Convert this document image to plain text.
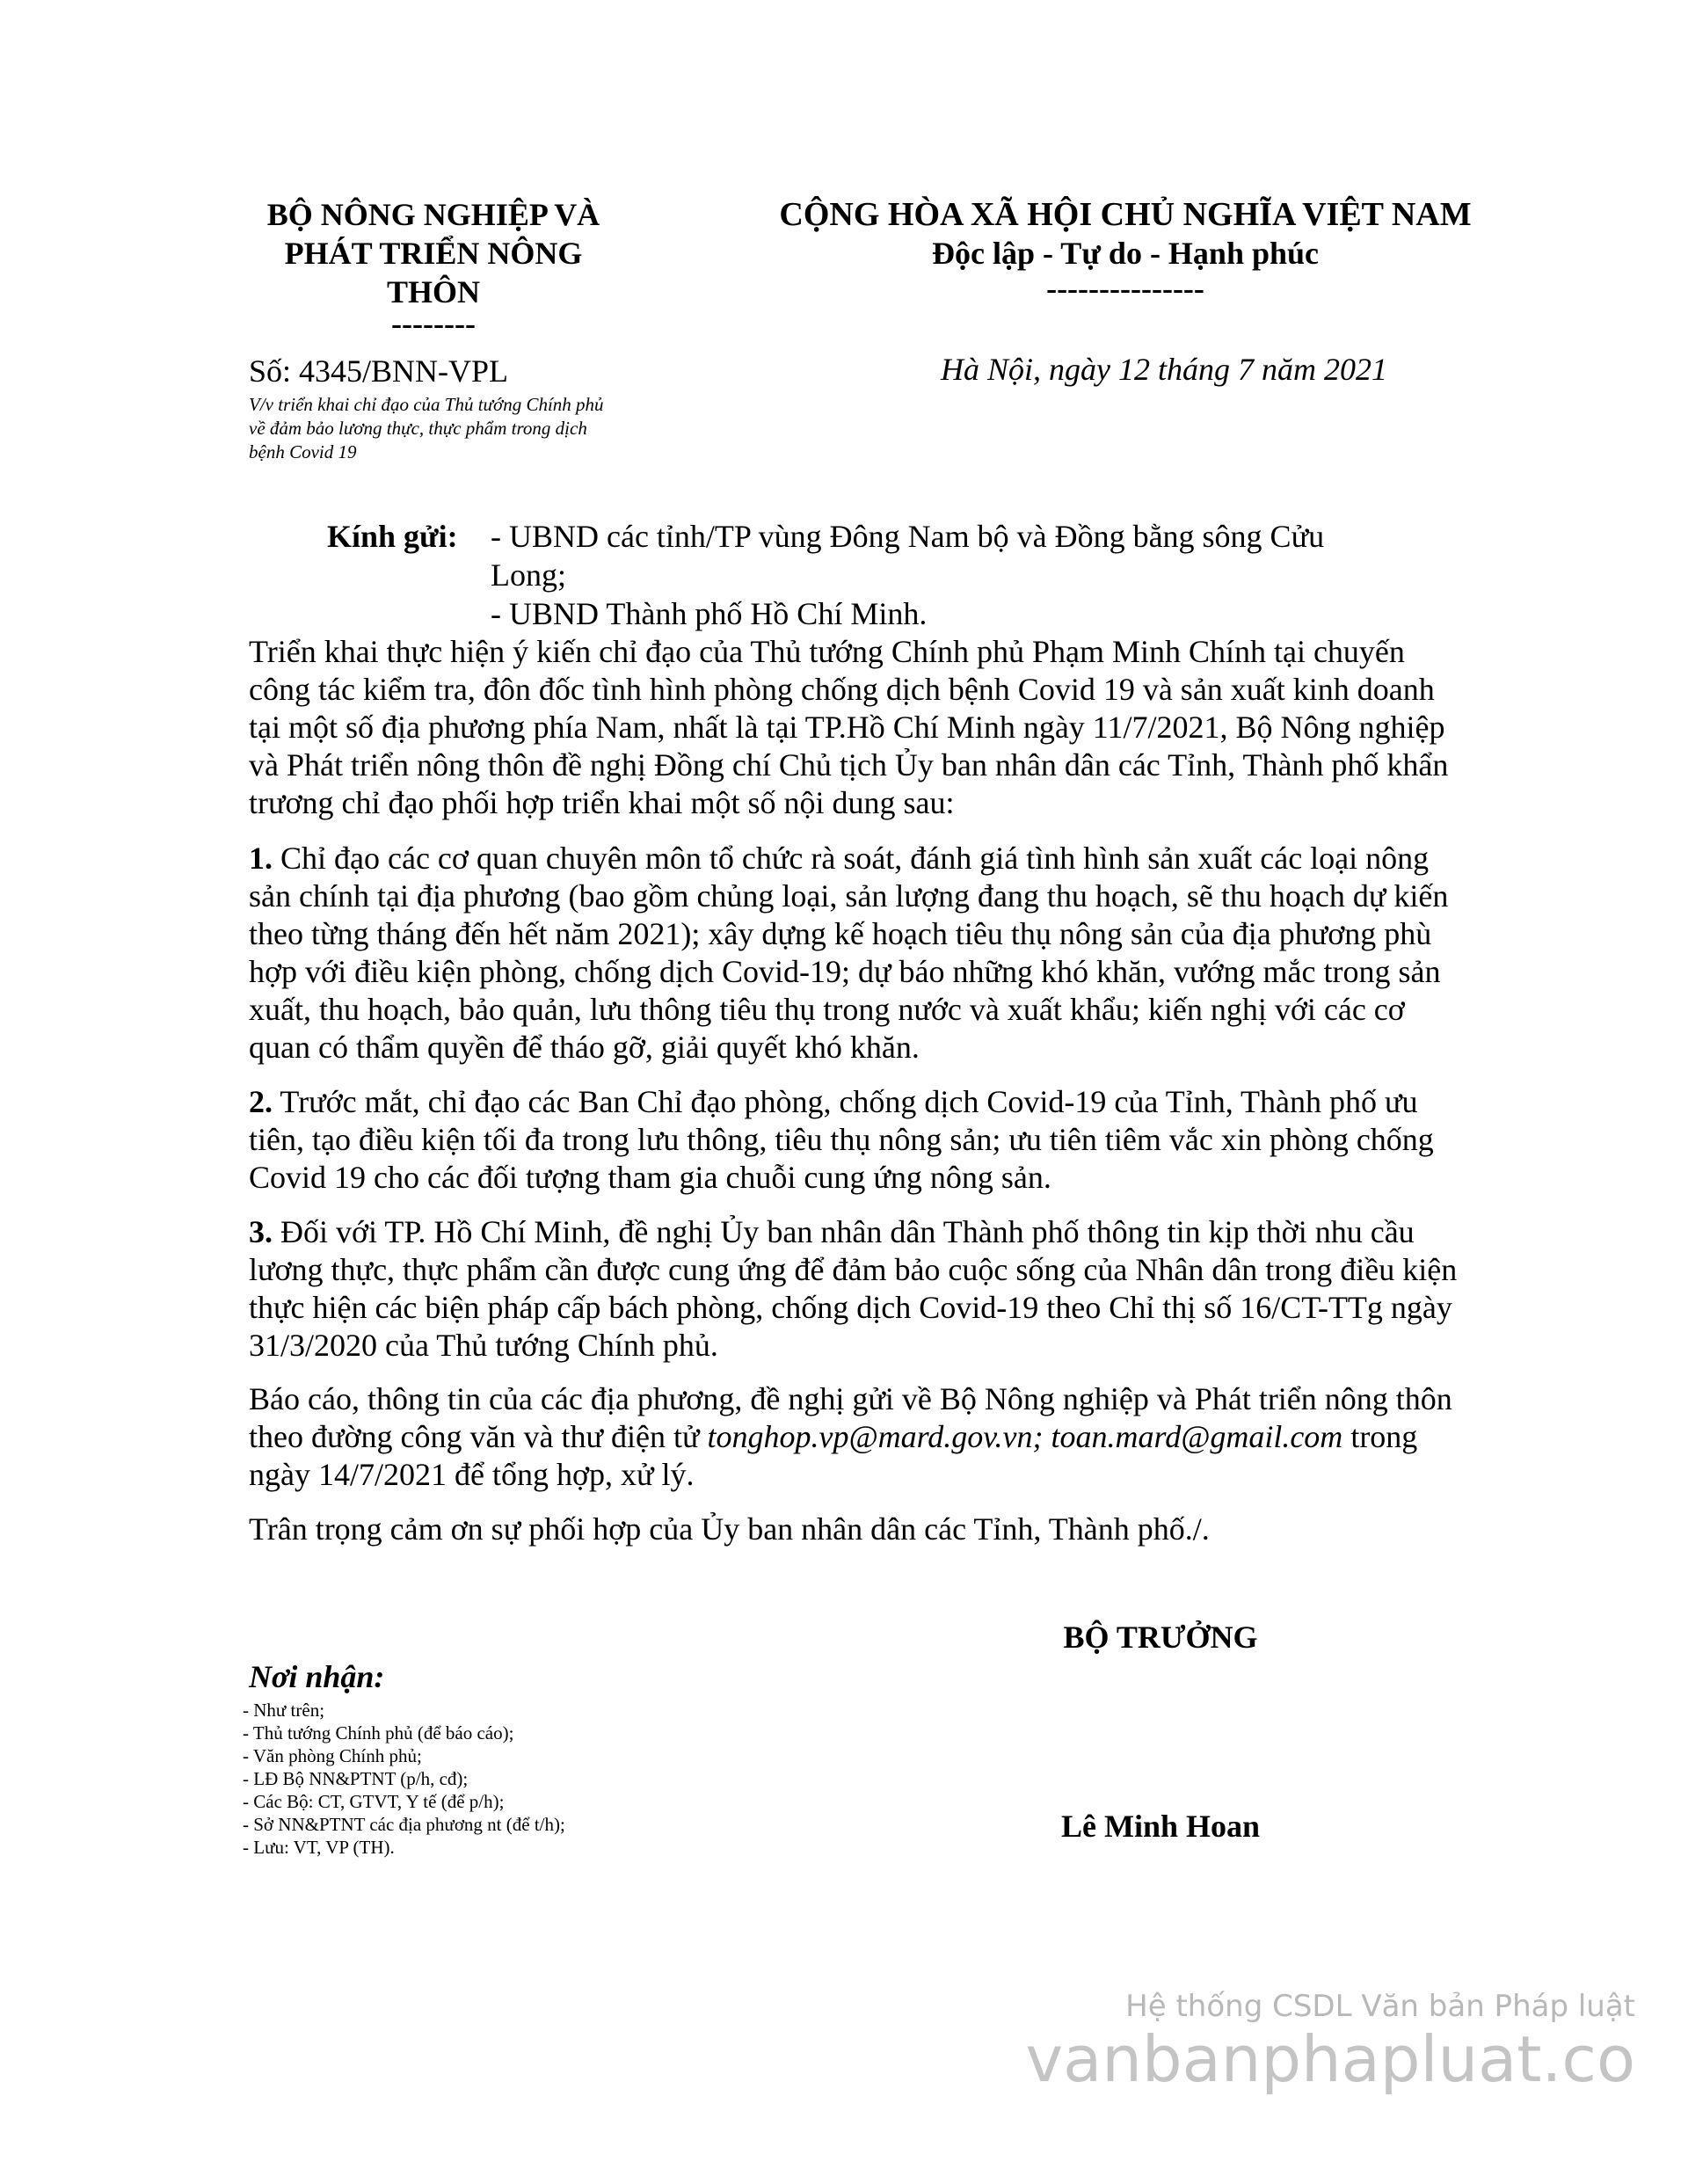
BỘ NÔNG NGHIỆP VÀ
PHÁT TRIỂN NÔNG
THÔN
--------
Số: 4345/BNN-VPL
V/v triển khai chỉ đạo của Thủ tướng Chính phủ về đảm bảo lương thực, thực phẩm trong dịch bệnh Covid 19
CỘNG HÒA XÃ HỘI CHỦ NGHĨA VIỆT NAM
Độc lập - Tự do - Hạnh phúc
---------------
Hà Nội, ngày 12 tháng 7 năm 2021
Kính gửi: - UBND các tỉnh/TP vùng Đông Nam bộ và Đồng bằng sông Cửu Long;
- UBND Thành phố Hồ Chí Minh.
Triển khai thực hiện ý kiến chỉ đạo của Thủ tướng Chính phủ Phạm Minh Chính tại chuyến công tác kiểm tra, đôn đốc tình hình phòng chống dịch bệnh Covid 19 và sản xuất kinh doanh tại một số địa phương phía Nam, nhất là tại TP.Hồ Chí Minh ngày 11/7/2021, Bộ Nông nghiệp và Phát triển nông thôn đề nghị Đồng chí Chủ tịch Ủy ban nhân dân các Tỉnh, Thành phố khẩn trương chỉ đạo phối hợp triển khai một số nội dung sau:
1. Chỉ đạo các cơ quan chuyên môn tổ chức rà soát, đánh giá tình hình sản xuất các loại nông sản chính tại địa phương (bao gồm chủng loại, sản lượng đang thu hoạch, sẽ thu hoạch dự kiến theo từng tháng đến hết năm 2021); xây dựng kế hoạch tiêu thụ nông sản của địa phương phù hợp với điều kiện phòng, chống dịch Covid-19; dự báo những khó khăn, vướng mắc trong sản xuất, thu hoạch, bảo quản, lưu thông tiêu thụ trong nước và xuất khẩu; kiến nghị với các cơ quan có thẩm quyền để tháo gỡ, giải quyết khó khăn.
2. Trước mắt, chỉ đạo các Ban Chỉ đạo phòng, chống dịch Covid-19 của Tỉnh, Thành phố ưu tiên, tạo điều kiện tối đa trong lưu thông, tiêu thụ nông sản; ưu tiên tiêm vắc xin phòng chống Covid 19 cho các đối tượng tham gia chuỗi cung ứng nông sản.
3. Đối với TP. Hồ Chí Minh, đề nghị Ủy ban nhân dân Thành phố thông tin kịp thời nhu cầu lương thực, thực phẩm cần được cung ứng để đảm bảo cuộc sống của Nhân dân trong điều kiện thực hiện các biện pháp cấp bách phòng, chống dịch Covid-19 theo Chỉ thị số 16/CT-TTg ngày 31/3/2020 của Thủ tướng Chính phủ.
Báo cáo, thông tin của các địa phương, đề nghị gửi về Bộ Nông nghiệp và Phát triển nông thôn theo đường công văn và thư điện tử tonghop.vp@mard.gov.vn; toan.mard@gmail.com trong ngày 14/7/2021 để tổng hợp, xử lý.
Trân trọng cảm ơn sự phối hợp của Ủy ban nhân dân các Tỉnh, Thành phố./.
BỘ TRƯỞNG
Lê Minh Hoan
Nơi nhận:
- Như trên;
- Thủ tướng Chính phủ (để báo cáo);
- Văn phòng Chính phủ;
- LĐ Bộ NN&PTNT (p/h, cđ);
- Các Bộ: CT, GTVT, Y tế (để p/h);
- Sở NN&PTNT các địa phương nt (để t/h);
- Lưu: VT, VP (TH).
Hệ thống CSDL Văn bản Pháp luật
vanbanphapluat.co
